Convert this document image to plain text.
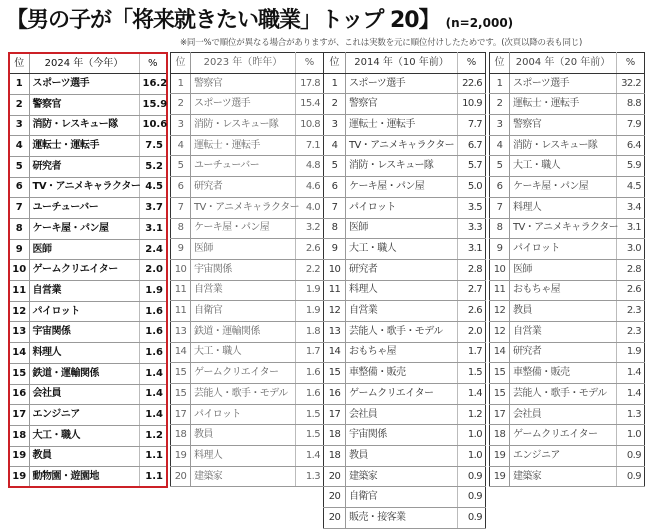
【男の子が「将来就きたい職業」トップ 20】 (n=2,000)
※同一%で順位が異なる場合がありますが、これは実数を元に順位付けしたためです。(次頁以降の表も同じ)
位	2024 年（今年）	%
1	スポーツ選手	16.2
2	警察官	15.9
3	消防・レスキュー隊	10.6
4	運転士・運転手	7.5
5	研究者	5.2
6	TV・アニメキャラクター	4.5
7	ユーチューバー	3.7
8	ケーキ屋・パン屋	3.1
9	医師	2.4
10	ゲームクリエイター	2.0
11	自営業	1.9
12	パイロット	1.6
13	宇宙関係	1.6
14	料理人	1.6
15	鉄道・運輸関係	1.4
16	会社員	1.4
17	エンジニア	1.4
18	大工・職人	1.2
19	教員	1.1
19	動物園・遊園地	1.1
位	2023 年（昨年）	%
1	警察官	17.8
2	スポーツ選手	15.4
3	消防・レスキュー隊	10.8
4	運転士・運転手	7.1
5	ユーチューバー	4.8
6	研究者	4.6
7	TV・アニメキャラクター	4.0
8	ケーキ屋・パン屋	3.2
9	医師	2.6
10	宇宙関係	2.2
11	自営業	1.9
11	自衛官	1.9
13	鉄道・運輸関係	1.8
14	大工・職人	1.7
15	ゲームクリエイター	1.6
15	芸能人・歌手・モデル	1.6
17	パイロット	1.5
18	教員	1.5
19	料理人	1.4
20	建築家	1.3
位	2014 年（10 年前）	%
1	スポーツ選手	22.6
2	警察官	10.9
3	運転士・運転手	7.7
4	TV・アニメキャラクター	6.7
5	消防・レスキュー隊	5.7
6	ケーキ屋・パン屋	5.0
7	パイロット	3.5
8	医師	3.3
9	大工・職人	3.1
10	研究者	2.8
11	料理人	2.7
12	自営業	2.6
13	芸能人・歌手・モデル	2.0
14	おもちゃ屋	1.7
15	車整備・販売	1.5
16	ゲームクリエイター	1.4
17	会社員	1.2
18	宇宙関係	1.0
18	教員	1.0
20	建築家	0.9
20	自衛官	0.9
20	販売・接客業	0.9
位	2004 年（20 年前）	%
1	スポーツ選手	32.2
2	運転士・運転手	8.8
3	警察官	7.9
4	消防・レスキュー隊	6.4
5	大工・職人	5.9
6	ケーキ屋・パン屋	4.5
7	料理人	3.4
8	TV・アニメキャラクター	3.1
9	パイロット	3.0
10	医師	2.8
11	おもちゃ屋	2.6
12	教員	2.3
12	自営業	2.3
14	研究者	1.9
15	車整備・販売	1.4
15	芸能人・歌手・モデル	1.4
17	会社員	1.3
18	ゲームクリエイター	1.0
19	エンジニア	0.9
19	建築家	0.9
